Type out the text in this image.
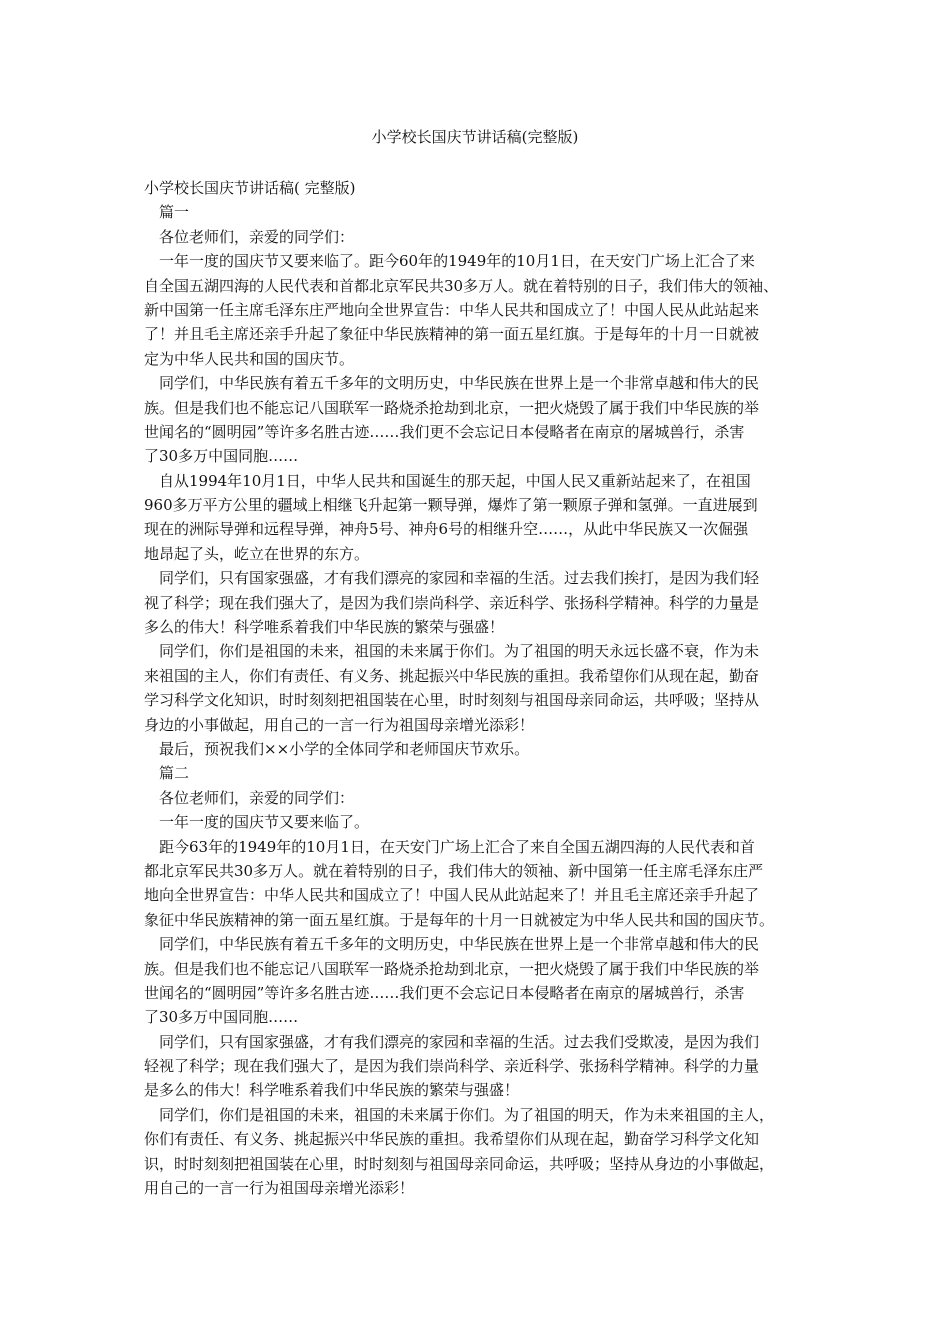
小学校长国庆节讲话稿(完整版)
小学校长国庆节讲话稿( 完整版)
　篇一
　各位老师们，亲爱的同学们：
　一年一度的国庆节又要来临了。距今60年的1949年的10月1日，在天安门广场上汇合了来
自全国五湖四海的人民代表和首都北京军民共30多万人。就在着特别的日子，我们伟大的领袖、
新中国第一任主席毛泽东庄严地向全世界宣告：中华人民共和国成立了！中国人民从此站起来
了！并且毛主席还亲手升起了象征中华民族精神的第一面五星红旗。于是每年的十月一日就被
定为中华人民共和国的国庆节。
　同学们，中华民族有着五千多年的文明历史，中华民族在世界上是一个非常卓越和伟大的民
族。但是我们也不能忘记八国联军一路烧杀抢劫到北京，一把火烧毁了属于我们中华民族的举
世闻名的“圆明园”等许多名胜古迹……我们更不会忘记日本侵略者在南京的屠城兽行，杀害
了30多万中国同胞……
　自从1994年10月1日，中华人民共和国诞生的那天起，中国人民又重新站起来了，在祖国
960多万平方公里的疆域上相继飞升起第一颗导弹，爆炸了第一颗原子弹和氢弹。一直进展到
现在的洲际导弹和远程导弹，神舟5号、神舟6号的相继升空……，从此中华民族又一次倔强
地昂起了头，屹立在世界的东方。
　同学们，只有国家强盛，才有我们漂亮的家园和幸福的生活。过去我们挨打，是因为我们轻
视了科学；现在我们强大了，是因为我们崇尚科学、亲近科学、张扬科学精神。科学的力量是
多么的伟大！科学唯系着我们中华民族的繁荣与强盛！
　同学们，你们是祖国的未来，祖国的未来属于你们。为了祖国的明天永远长盛不衰，作为未
来祖国的主人，你们有责任、有义务、挑起振兴中华民族的重担。我希望你们从现在起，勤奋
学习科学文化知识，时时刻刻把祖国装在心里，时时刻刻与祖国母亲同命运，共呼吸；坚持从
身边的小事做起，用自己的一言一行为祖国母亲增光添彩！
　最后，预祝我们××小学的全体同学和老师国庆节欢乐。
　篇二
　各位老师们，亲爱的同学们：
　一年一度的国庆节又要来临了。
　距今63年的1949年的10月1日，在天安门广场上汇合了来自全国五湖四海的人民代表和首
都北京军民共30多万人。就在着特别的日子，我们伟大的领袖、新中国第一任主席毛泽东庄严
地向全世界宣告：中华人民共和国成立了！中国人民从此站起来了！并且毛主席还亲手升起了
象征中华民族精神的第一面五星红旗。于是每年的十月一日就被定为中华人民共和国的国庆节。
　同学们，中华民族有着五千多年的文明历史，中华民族在世界上是一个非常卓越和伟大的民
族。但是我们也不能忘记八国联军一路烧杀抢劫到北京，一把火烧毁了属于我们中华民族的举
世闻名的“圆明园”等许多名胜古迹……我们更不会忘记日本侵略者在南京的屠城兽行，杀害
了30多万中国同胞……
　同学们，只有国家强盛，才有我们漂亮的家园和幸福的生活。过去我们受欺凌，是因为我们
轻视了科学；现在我们强大了，是因为我们崇尚科学、亲近科学、张扬科学精神。科学的力量
是多么的伟大！科学唯系着我们中华民族的繁荣与强盛！
　同学们，你们是祖国的未来，祖国的未来属于你们。为了祖国的明天，作为未来祖国的主人，
你们有责任、有义务、挑起振兴中华民族的重担。我希望你们从现在起，勤奋学习科学文化知
识，时时刻刻把祖国装在心里，时时刻刻与祖国母亲同命运，共呼吸；坚持从身边的小事做起，
用自己的一言一行为祖国母亲增光添彩！
